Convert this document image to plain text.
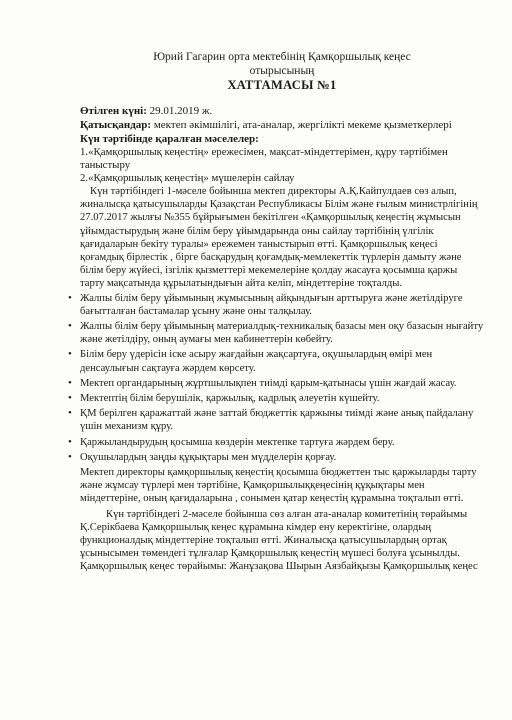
Юрий Гагарин орта мектебінің Қамқоршылық кеңес
отырысының
ХАТТАМАСЫ №1
Өтілген күні: 29.01.2019 ж.
Қатысқандар: мектеп әкімшілігі, ата-аналар, жергілікті мекеме қызметкерлері
Күн тәртібінде қаралған мәселелер:
1.«Қамқоршылық кеңестің» ережесімен, мақсат-міндеттерімен, құру тәртібімен таныстыру
2.«Қамқоршылық кеңестің» мүшелерін сайлау

Күн тәртібіндегі 1-мәселе бойынша мектеп директоры А.Қ.Кайпулдаев сөз алып, жиналысқа қатысушыларды Қазақстан Республикасы Білім және ғылым министрлігінің 27.07.2017 жылғы №355 бұйрығымен бекітілген «Қамқоршылық кеңестің жұмысын ұйымдастырудың және білім беру ұйымдарында оны сайлау тәртібінің үлгілік қағидаларын бекіту туралы» ережемен таныстырып өтті. Қамқоршылық кеңесі қоғамдық бірлестік , бірге басқарудың қоғамдық-мемлекеттік түрлерін дамыту және білім беру жүйесі, ізгілік қызметтері мекемелеріне қолдау жасауға қосымша қаржы тарту мақсатында құрылатындығын айта келіп, міндеттеріне тоқталды.

• Жалпы білім беру ұйымының жұмысының айқындығын арттыруға және жетілдіруге бағытталған бастамалар ұсыну және оны талқылау.
• Жалпы білім беру ұйымының материалдық-техникалық базасы мен оқу базасын нығайту және жетілдіру, оның аумағы мен кабинеттерін көбейту.
• Білім беру үдерісін іске асыру жағдайын жақсартуға, оқушылардың өмірі мен денсаулығын сақтауға жәрдем көрсету.
• Мектеп органдарының жұртшылықпен тиімді қарым-қатынасы үшін жағдай жасау.
• Мектептің білім берушілік, қаржылық, кадрлық әлеуетін күшейту.
• ҚМ берілген қаражаттай және заттай бюджеттік қаржыны тиімді және анық пайдалану үшін механизм құру.
• Қаржыландырудың қосымша көздерін мектепке тартуға жәрдем беру.
• Оқушылардың заңды құқықтары мен мүдделерін қорғау.

Мектеп директоры қамқоршылық кеңестің қосымша бюджеттен тыс қаржыларды тарту және жұмсау түрлері мен тәртібіне, Қамқоршылыққеңесінің құқықтары мен міндеттеріне, оның қағидаларына , сонымен қатар кеңестің құрамына тоқталып өтті.

Күн тәртібіндегі 2-мәселе бойынша сөз алған ата-аналар комитетінің төрайымы Қ.Серікбаева Қамқоршылық кеңес құрамына кімдер ену керектігіне, олардың функционалдық міндеттеріне тоқталып өтті. Жиналысқа қатысушылардың ортақ ұсынысымен төмендегі тұлғалар Қамқоршылық кеңестің мүшесі болуға ұсынылды. Қамқоршылық кеңес төрайымы: Жанұзақова Шырын Аязбайқызы Қамқоршылық кеңес
